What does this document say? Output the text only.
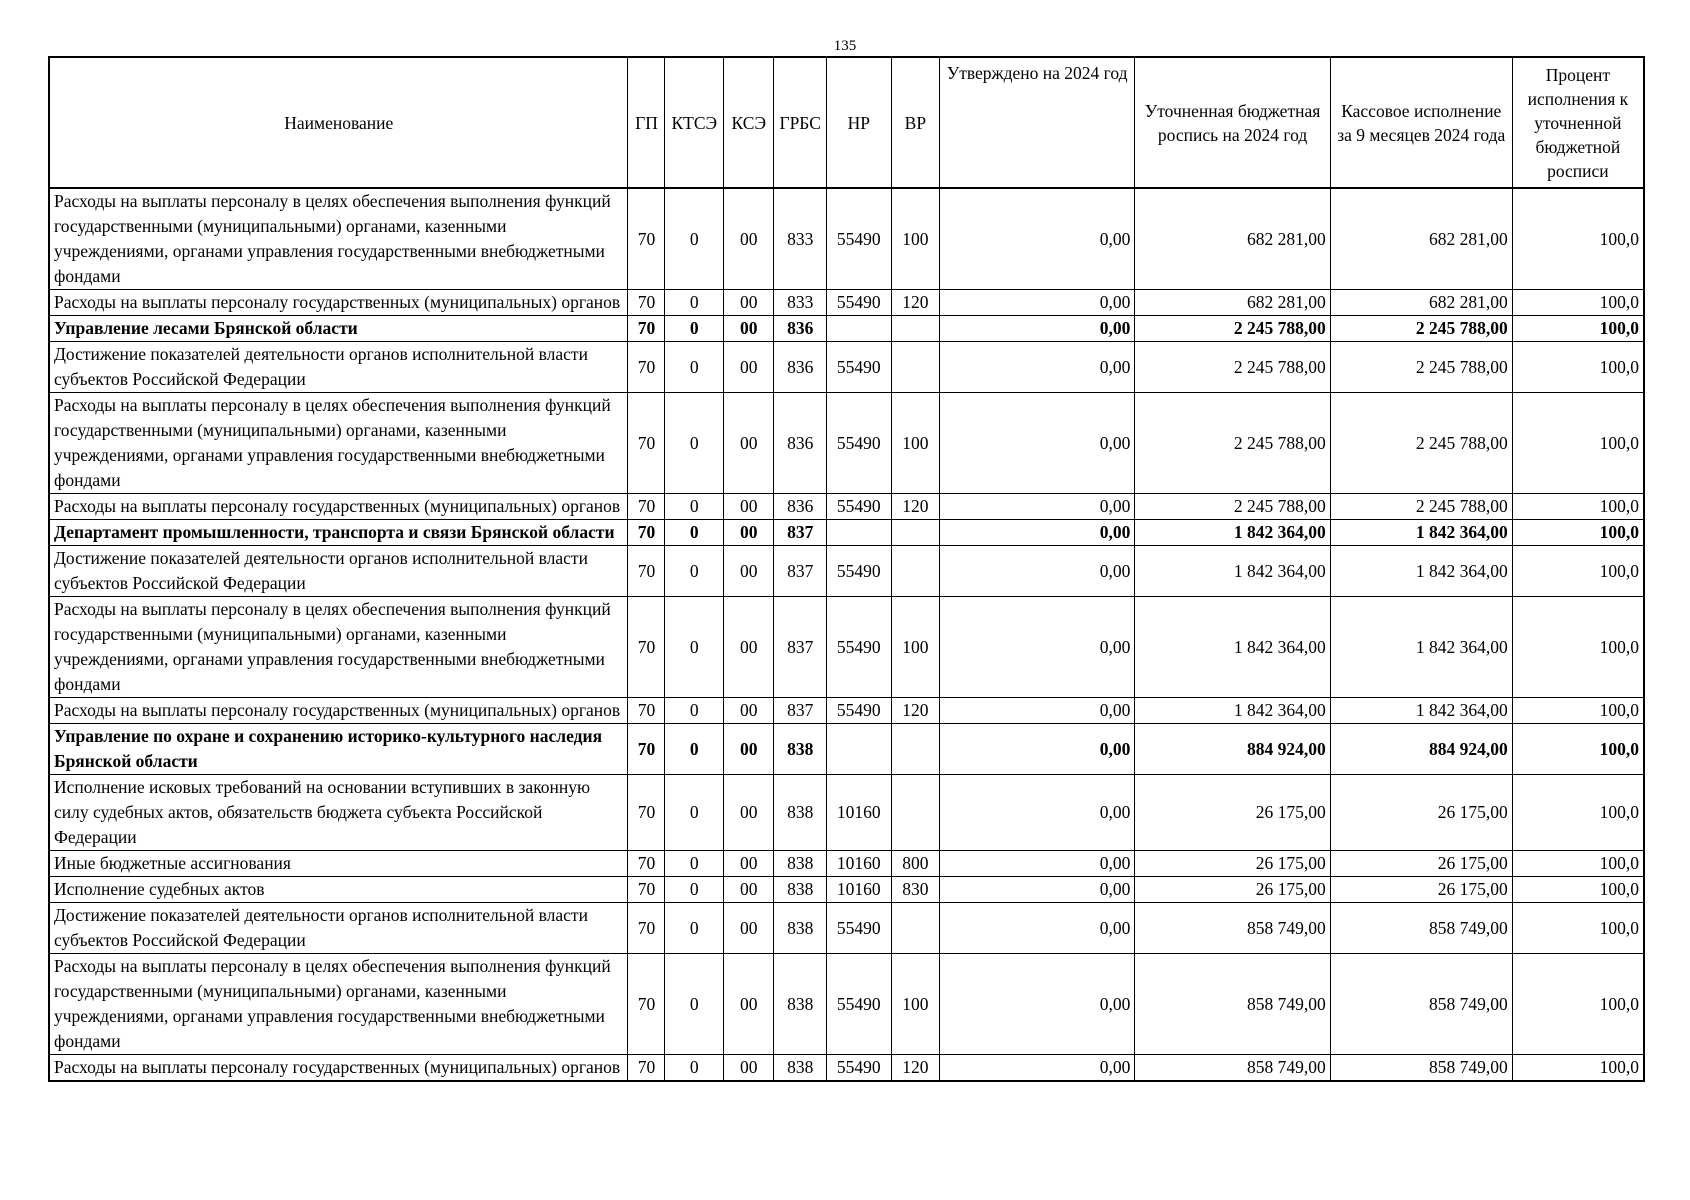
135
Наименование	ГП	КТСЭ	КСЭ	ГРБС	НР	ВР	Утверждено на 2024 год	Уточненная бюджетная роспись на 2024 год	Кассовое исполнение за 9 месяцев 2024 года	Процент исполнения к уточненной бюджетной росписи
Расходы на выплаты персоналу в целях обеспечения выполнения функций государственными (муниципальными) органами, казенными учреждениями, органами управления государственными внебюджетными фондами	70	0	00	833	55490	100	0,00	682 281,00	682 281,00	100,0
Расходы на выплаты персоналу государственных (муниципальных) органов	70	0	00	833	55490	120	0,00	682 281,00	682 281,00	100,0
Управление лесами Брянской области	70	0	00	836			0,00	2 245 788,00	2 245 788,00	100,0
Достижение показателей деятельности органов исполнительной власти субъектов Российской Федерации	70	0	00	836	55490		0,00	2 245 788,00	2 245 788,00	100,0
Расходы на выплаты персоналу в целях обеспечения выполнения функций государственными (муниципальными) органами, казенными учреждениями, органами управления государственными внебюджетными фондами	70	0	00	836	55490	100	0,00	2 245 788,00	2 245 788,00	100,0
Расходы на выплаты персоналу государственных (муниципальных) органов	70	0	00	836	55490	120	0,00	2 245 788,00	2 245 788,00	100,0
Департамент промышленности, транспорта и связи Брянской области	70	0	00	837			0,00	1 842 364,00	1 842 364,00	100,0
Достижение показателей деятельности органов исполнительной власти субъектов Российской Федерации	70	0	00	837	55490		0,00	1 842 364,00	1 842 364,00	100,0
Расходы на выплаты персоналу в целях обеспечения выполнения функций государственными (муниципальными) органами, казенными учреждениями, органами управления государственными внебюджетными фондами	70	0	00	837	55490	100	0,00	1 842 364,00	1 842 364,00	100,0
Расходы на выплаты персоналу государственных (муниципальных) органов	70	0	00	837	55490	120	0,00	1 842 364,00	1 842 364,00	100,0
Управление по охране и сохранению историко-культурного наследия Брянской области	70	0	00	838			0,00	884 924,00	884 924,00	100,0
Исполнение исковых требований на основании вступивших в законную силу судебных актов, обязательств бюджета субъекта Российской Федерации	70	0	00	838	10160		0,00	26 175,00	26 175,00	100,0
Иные бюджетные ассигнования	70	0	00	838	10160	800	0,00	26 175,00	26 175,00	100,0
Исполнение судебных актов	70	0	00	838	10160	830	0,00	26 175,00	26 175,00	100,0
Достижение показателей деятельности органов исполнительной власти субъектов Российской Федерации	70	0	00	838	55490		0,00	858 749,00	858 749,00	100,0
Расходы на выплаты персоналу в целях обеспечения выполнения функций государственными (муниципальными) органами, казенными учреждениями, органами управления государственными внебюджетными фондами	70	0	00	838	55490	100	0,00	858 749,00	858 749,00	100,0
Расходы на выплаты персоналу государственных (муниципальных) органов	70	0	00	838	55490	120	0,00	858 749,00	858 749,00	100,0
